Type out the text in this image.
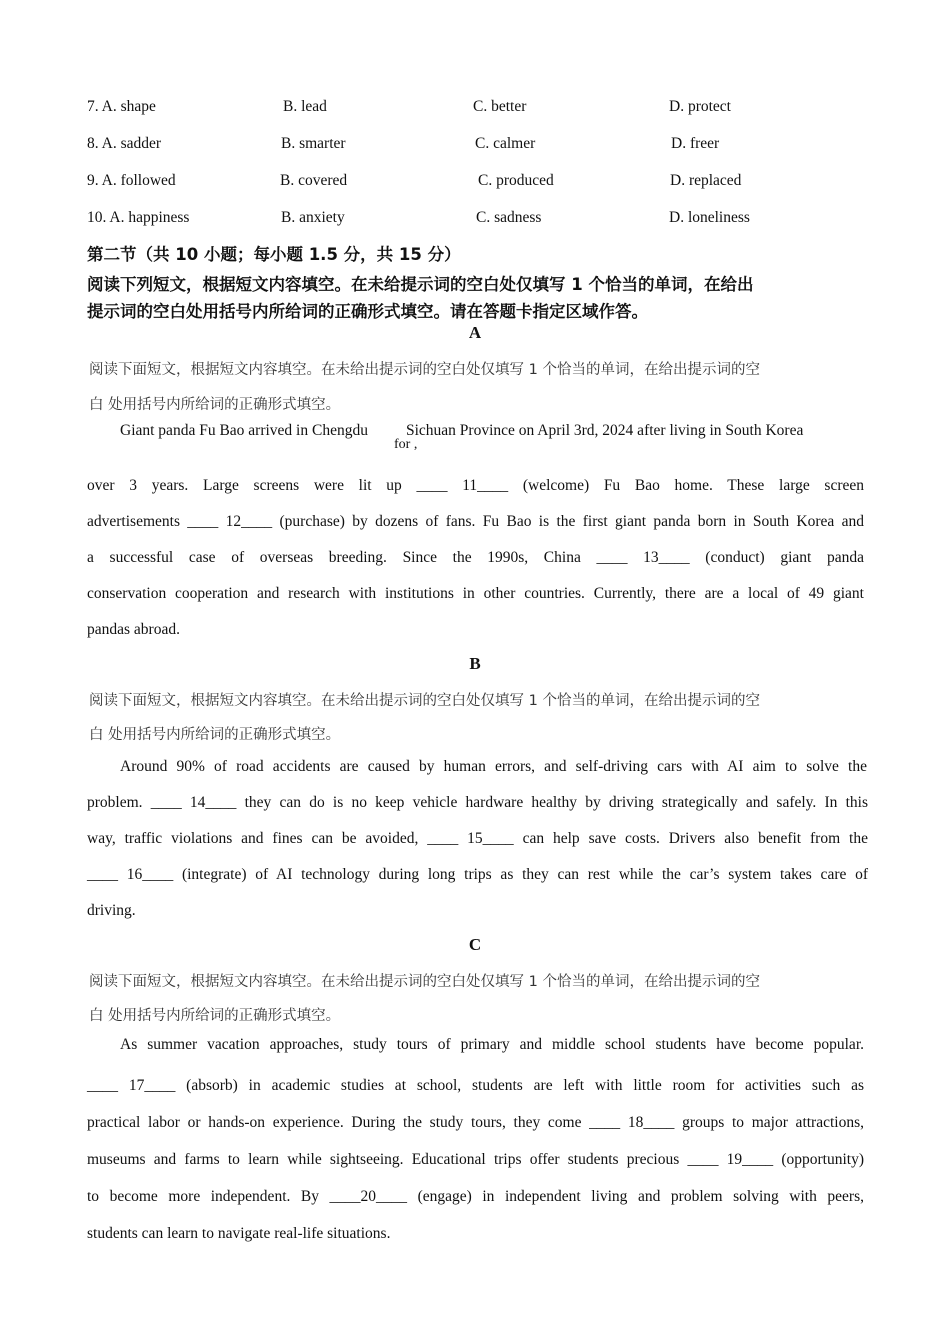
7. A. shape	B. lead	C. better	D. protect
8. A. sadder	B. smarter	C. calmer	D. freer
9. A. followed	B. covered	C. produced	D. replaced
10. A. happiness	B. anxiety	C. sadness	D. loneliness
第二节（共 10 小题；每小题 1.5 分，共 15 分）
阅读下列短文，根据短文内容填空。在未给提示词的空白处仅填写 1 个恰当的单词，在给出
提示词的空白处用括号内所给词的正确形式填空。请在答题卡指定区域作答。
A
阅读下面短文，根据短文内容填空。在未给出提示词的空白处仅填写 1 个恰当的单词，在给出提示词的空
白 处用括号内所给词的正确形式填空。
Giant panda Fu Bao arrived in Chengdu
for ,
Sichuan Province on April 3rd, 2024 after living in South Korea
over 3 years. Large screens were lit up ____ 11____ (welcome) Fu Bao home. These large screen
advertisements ____ 12____ (purchase) by dozens of fans. Fu Bao is the first giant panda born in South Korea and
a successful case of overseas breeding. Since the 1990s, China ____ 13____ (conduct) giant panda
conservation cooperation and research with institutions in other countries. Currently, there are a local of 49 giant
pandas abroad.
B
阅读下面短文，根据短文内容填空。在未给出提示词的空白处仅填写 1 个恰当的单词，在给出提示词的空
白 处用括号内所给词的正确形式填空。
Around 90% of road accidents are caused by human errors, and self-driving cars with AI aim to solve the
problem. ____ 14____ they can do is no keep vehicle hardware healthy by driving strategically and safely. In this
way, traffic violations and fines can be avoided, ____ 15____ can help save costs. Drivers also benefit from the
____ 16____ (integrate) of AI technology during long trips as they can rest while the car’s system takes care of
driving.
C
阅读下面短文，根据短文内容填空。在未给出提示词的空白处仅填写 1 个恰当的单词，在给出提示词的空
白 处用括号内所给词的正确形式填空。
As summer vacation approaches, study tours of primary and middle school students have become popular.
____ 17____ (absorb) in academic studies at school, students are left with little room for activities such as
practical labor or hands-on experience. During the study tours, they come ____ 18____ groups to major attractions,
museums and farms to learn while sightseeing. Educational trips offer students precious ____ 19____ (opportunity)
to become more independent. By ____20____ (engage) in independent living and problem solving with peers,
students can learn to navigate real-life situations.
